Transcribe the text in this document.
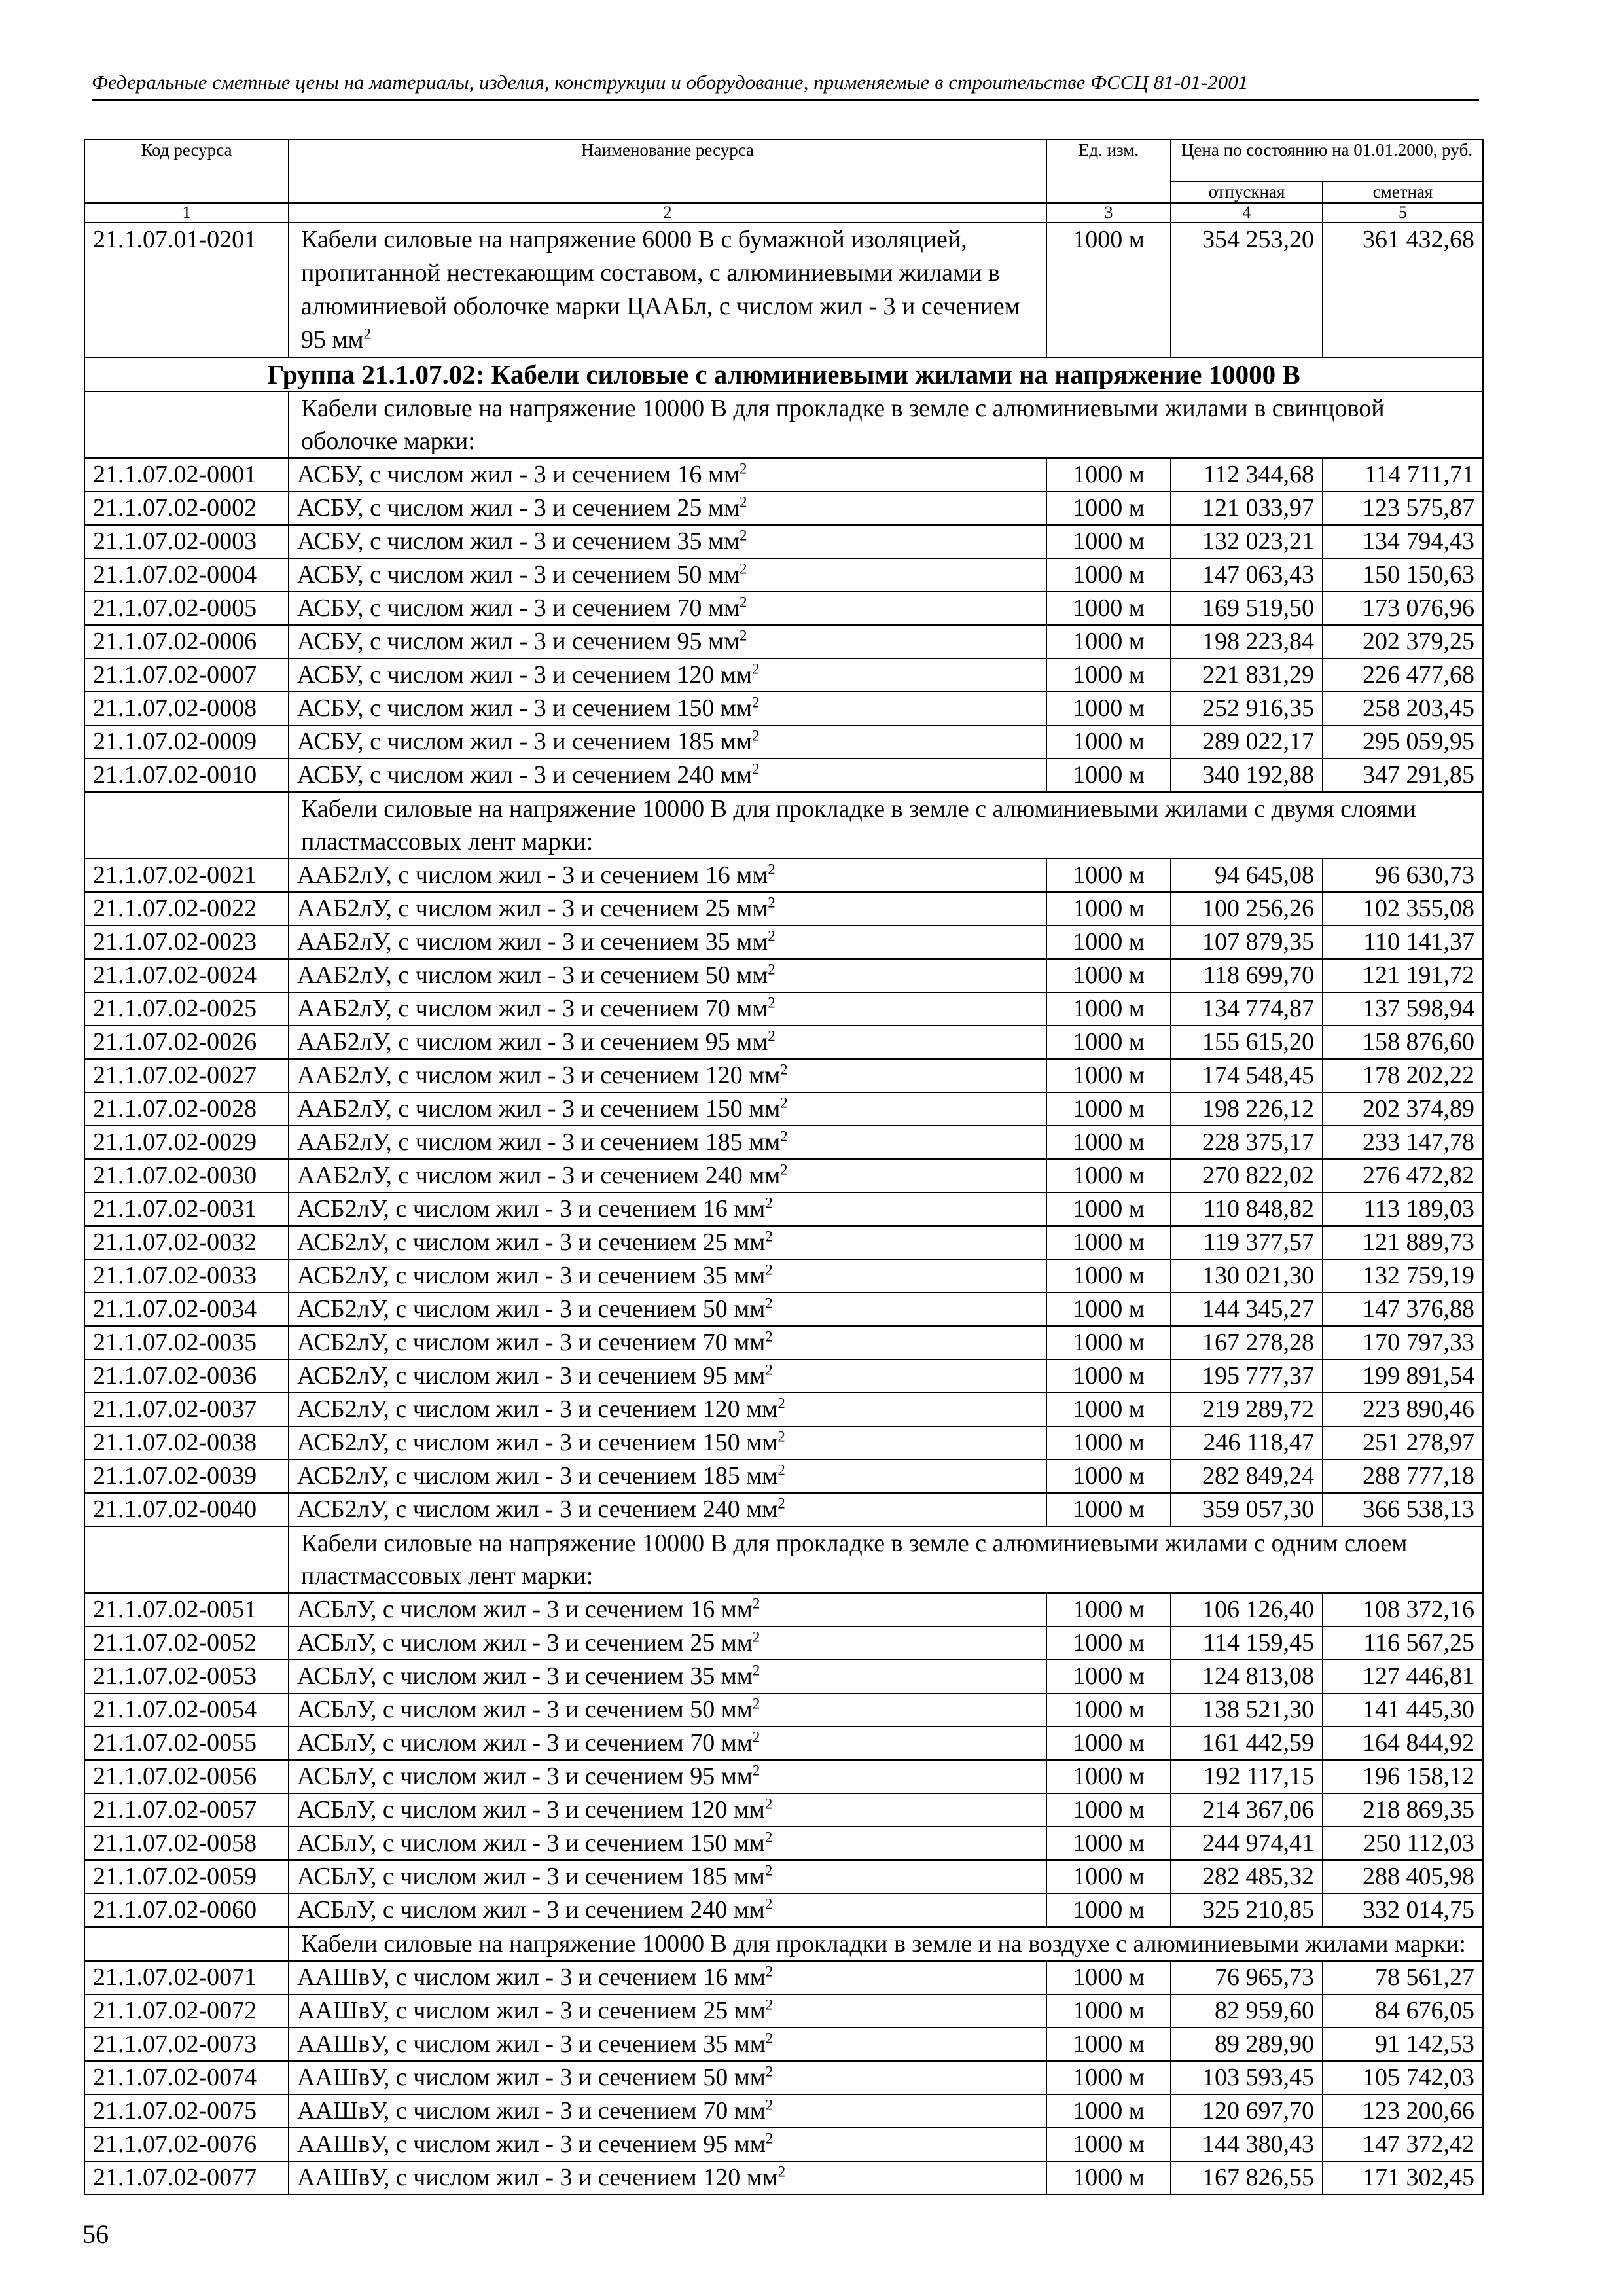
Федеральные сметные цены на материалы, изделия, конструкции и оборудование, применяемые в строительстве ФССЦ 81-01-2001
Код ресурса	Наименование ресурса	Ед. изм.	Цена по состоянию на 01.01.2000, руб.	
			отпускная	сметная
1	2	3	4	5
21.1.07.01-0201	Кабели силовые на напряжение 6000 В с бумажной изоляцией, пропитанной нестекающим составом, с алюминиевыми жилами в алюминиевой оболочке марки ЦААБл, с числом жил - 3 и сечением 95 $мм^2$	1000 м	354 253,20	361 432,68
Группа 21.1.07.02: Кабели силовые с алюминиевыми жилами на напряжение 10000 В				
	Кабели силовые на напряжение 10000 В для прокладке в земле с алюминиевыми жилами в свинцовой оболочке марки:			
21.1.07.02-0001	АСБУ, с числом жил - 3 и сечением 16 $мм^2$	1000 м	112 344,68	114 711,71
21.1.07.02-0002	АСБУ, с числом жил - 3 и сечением 25 $мм^2$	1000 м	121 033,97	123 575,87
21.1.07.02-0003	АСБУ, с числом жил - 3 и сечением 35 $мм^2$	1000 м	132 023,21	134 794,43
21.1.07.02-0004	АСБУ, с числом жил - 3 и сечением 50 $мм^2$	1000 м	147 063,43	150 150,63
21.1.07.02-0005	АСБУ, с числом жил - 3 и сечением 70 $мм^2$	1000 м	169 519,50	173 076,96
21.1.07.02-0006	АСБУ, с числом жил - 3 и сечением 95 $мм^2$	1000 м	198 223,84	202 379,25
21.1.07.02-0007	АСБУ, с числом жил - 3 и сечением 120 $мм^2$	1000 м	221 831,29	226 477,68
21.1.07.02-0008	АСБУ, с числом жил - 3 и сечением 150 $мм^2$	1000 м	252 916,35	258 203,45
21.1.07.02-0009	АСБУ, с числом жил - 3 и сечением 185 $мм^2$	1000 м	289 022,17	295 059,95
21.1.07.02-0010	АСБУ, с числом жил - 3 и сечением 240 $мм^2$	1000 м	340 192,88	347 291,85
	Кабели силовые на напряжение 10000 В для прокладке в земле с алюминиевыми жилами с двумя слоями пластмассовых лент марки:			
21.1.07.02-0021	ААБ2лУ, с числом жил - 3 и сечением 16 $мм^2$	1000 м	94 645,08	96 630,73
21.1.07.02-0022	ААБ2лУ, с числом жил - 3 и сечением 25 $мм^2$	1000 м	100 256,26	102 355,08
21.1.07.02-0023	ААБ2лУ, с числом жил - 3 и сечением 35 $мм^2$	1000 м	107 879,35	110 141,37
21.1.07.02-0024	ААБ2лУ, с числом жил - 3 и сечением 50 $мм^2$	1000 м	118 699,70	121 191,72
21.1.07.02-0025	ААБ2лУ, с числом жил - 3 и сечением 70 $мм^2$	1000 м	134 774,87	137 598,94
21.1.07.02-0026	ААБ2лУ, с числом жил - 3 и сечением 95 $мм^2$	1000 м	155 615,20	158 876,60
21.1.07.02-0027	ААБ2лУ, с числом жил - 3 и сечением 120 $мм^2$	1000 м	174 548,45	178 202,22
21.1.07.02-0028	ААБ2лУ, с числом жил - 3 и сечением 150 $мм^2$	1000 м	198 226,12	202 374,89
21.1.07.02-0029	ААБ2лУ, с числом жил - 3 и сечением 185 $мм^2$	1000 м	228 375,17	233 147,78
21.1.07.02-0030	ААБ2лУ, с числом жил - 3 и сечением 240 $мм^2$	1000 м	270 822,02	276 472,82
21.1.07.02-0031	АСБ2лУ, с числом жил - 3 и сечением 16 $мм^2$	1000 м	110 848,82	113 189,03
21.1.07.02-0032	АСБ2лУ, с числом жил - 3 и сечением 25 $мм^2$	1000 м	119 377,57	121 889,73
21.1.07.02-0033	АСБ2лУ, с числом жил - 3 и сечением 35 $мм^2$	1000 м	130 021,30	132 759,19
21.1.07.02-0034	АСБ2лУ, с числом жил - 3 и сечением 50 $мм^2$	1000 м	144 345,27	147 376,88
21.1.07.02-0035	АСБ2лУ, с числом жил - 3 и сечением 70 $мм^2$	1000 м	167 278,28	170 797,33
21.1.07.02-0036	АСБ2лУ, с числом жил - 3 и сечением 95 $мм^2$	1000 м	195 777,37	199 891,54
21.1.07.02-0037	АСБ2лУ, с числом жил - 3 и сечением 120 $мм^2$	1000 м	219 289,72	223 890,46
21.1.07.02-0038	АСБ2лУ, с числом жил - 3 и сечением 150 $мм^2$	1000 м	246 118,47	251 278,97
21.1.07.02-0039	АСБ2лУ, с числом жил - 3 и сечением 185 $мм^2$	1000 м	282 849,24	288 777,18
21.1.07.02-0040	АСБ2лУ, с числом жил - 3 и сечением 240 $мм^2$	1000 м	359 057,30	366 538,13
	Кабели силовые на напряжение 10000 В для прокладке в земле с алюминиевыми жилами с одним слоем пластмассовых лент марки:			
21.1.07.02-0051	АСБлУ, с числом жил - 3 и сечением 16 $мм^2$	1000 м	106 126,40	108 372,16
21.1.07.02-0052	АСБлУ, с числом жил - 3 и сечением 25 $мм^2$	1000 м	114 159,45	116 567,25
21.1.07.02-0053	АСБлУ, с числом жил - 3 и сечением 35 $мм^2$	1000 м	124 813,08	127 446,81
21.1.07.02-0054	АСБлУ, с числом жил - 3 и сечением 50 $мм^2$	1000 м	138 521,30	141 445,30
21.1.07.02-0055	АСБлУ, с числом жил - 3 и сечением 70 $мм^2$	1000 м	161 442,59	164 844,92
21.1.07.02-0056	АСБлУ, с числом жил - 3 и сечением 95 $мм^2$	1000 м	192 117,15	196 158,12
21.1.07.02-0057	АСБлУ, с числом жил - 3 и сечением 120 $мм^2$	1000 м	214 367,06	218 869,35
21.1.07.02-0058	АСБлУ, с числом жил - 3 и сечением 150 $мм^2$	1000 м	244 974,41	250 112,03
21.1.07.02-0059	АСБлУ, с числом жил - 3 и сечением 185 $мм^2$	1000 м	282 485,32	288 405,98
21.1.07.02-0060	АСБлУ, с числом жил - 3 и сечением 240 $мм^2$	1000 м	325 210,85	332 014,75
	Кабели силовые на напряжение 10000 В для прокладки в земле и на воздухе с алюминиевыми жилами марки:			
21.1.07.02-0071	ААШвУ, с числом жил - 3 и сечением 16 $мм^2$	1000 м	76 965,73	78 561,27
21.1.07.02-0072	ААШвУ, с числом жил - 3 и сечением 25 $мм^2$	1000 м	82 959,60	84 676,05
21.1.07.02-0073	ААШвУ, с числом жил - 3 и сечением 35 $мм^2$	1000 м	89 289,90	91 142,53
21.1.07.02-0074	ААШвУ, с числом жил - 3 и сечением 50 $мм^2$	1000 м	103 593,45	105 742,03
21.1.07.02-0075	ААШвУ, с числом жил - 3 и сечением 70 $мм^2$	1000 м	120 697,70	123 200,66
21.1.07.02-0076	ААШвУ, с числом жил - 3 и сечением 95 $мм^2$	1000 м	144 380,43	147 372,42
21.1.07.02-0077	ААШвУ, с числом жил - 3 и сечением 120 $мм^2$	1000 м	167 826,55	171 302,45
56
